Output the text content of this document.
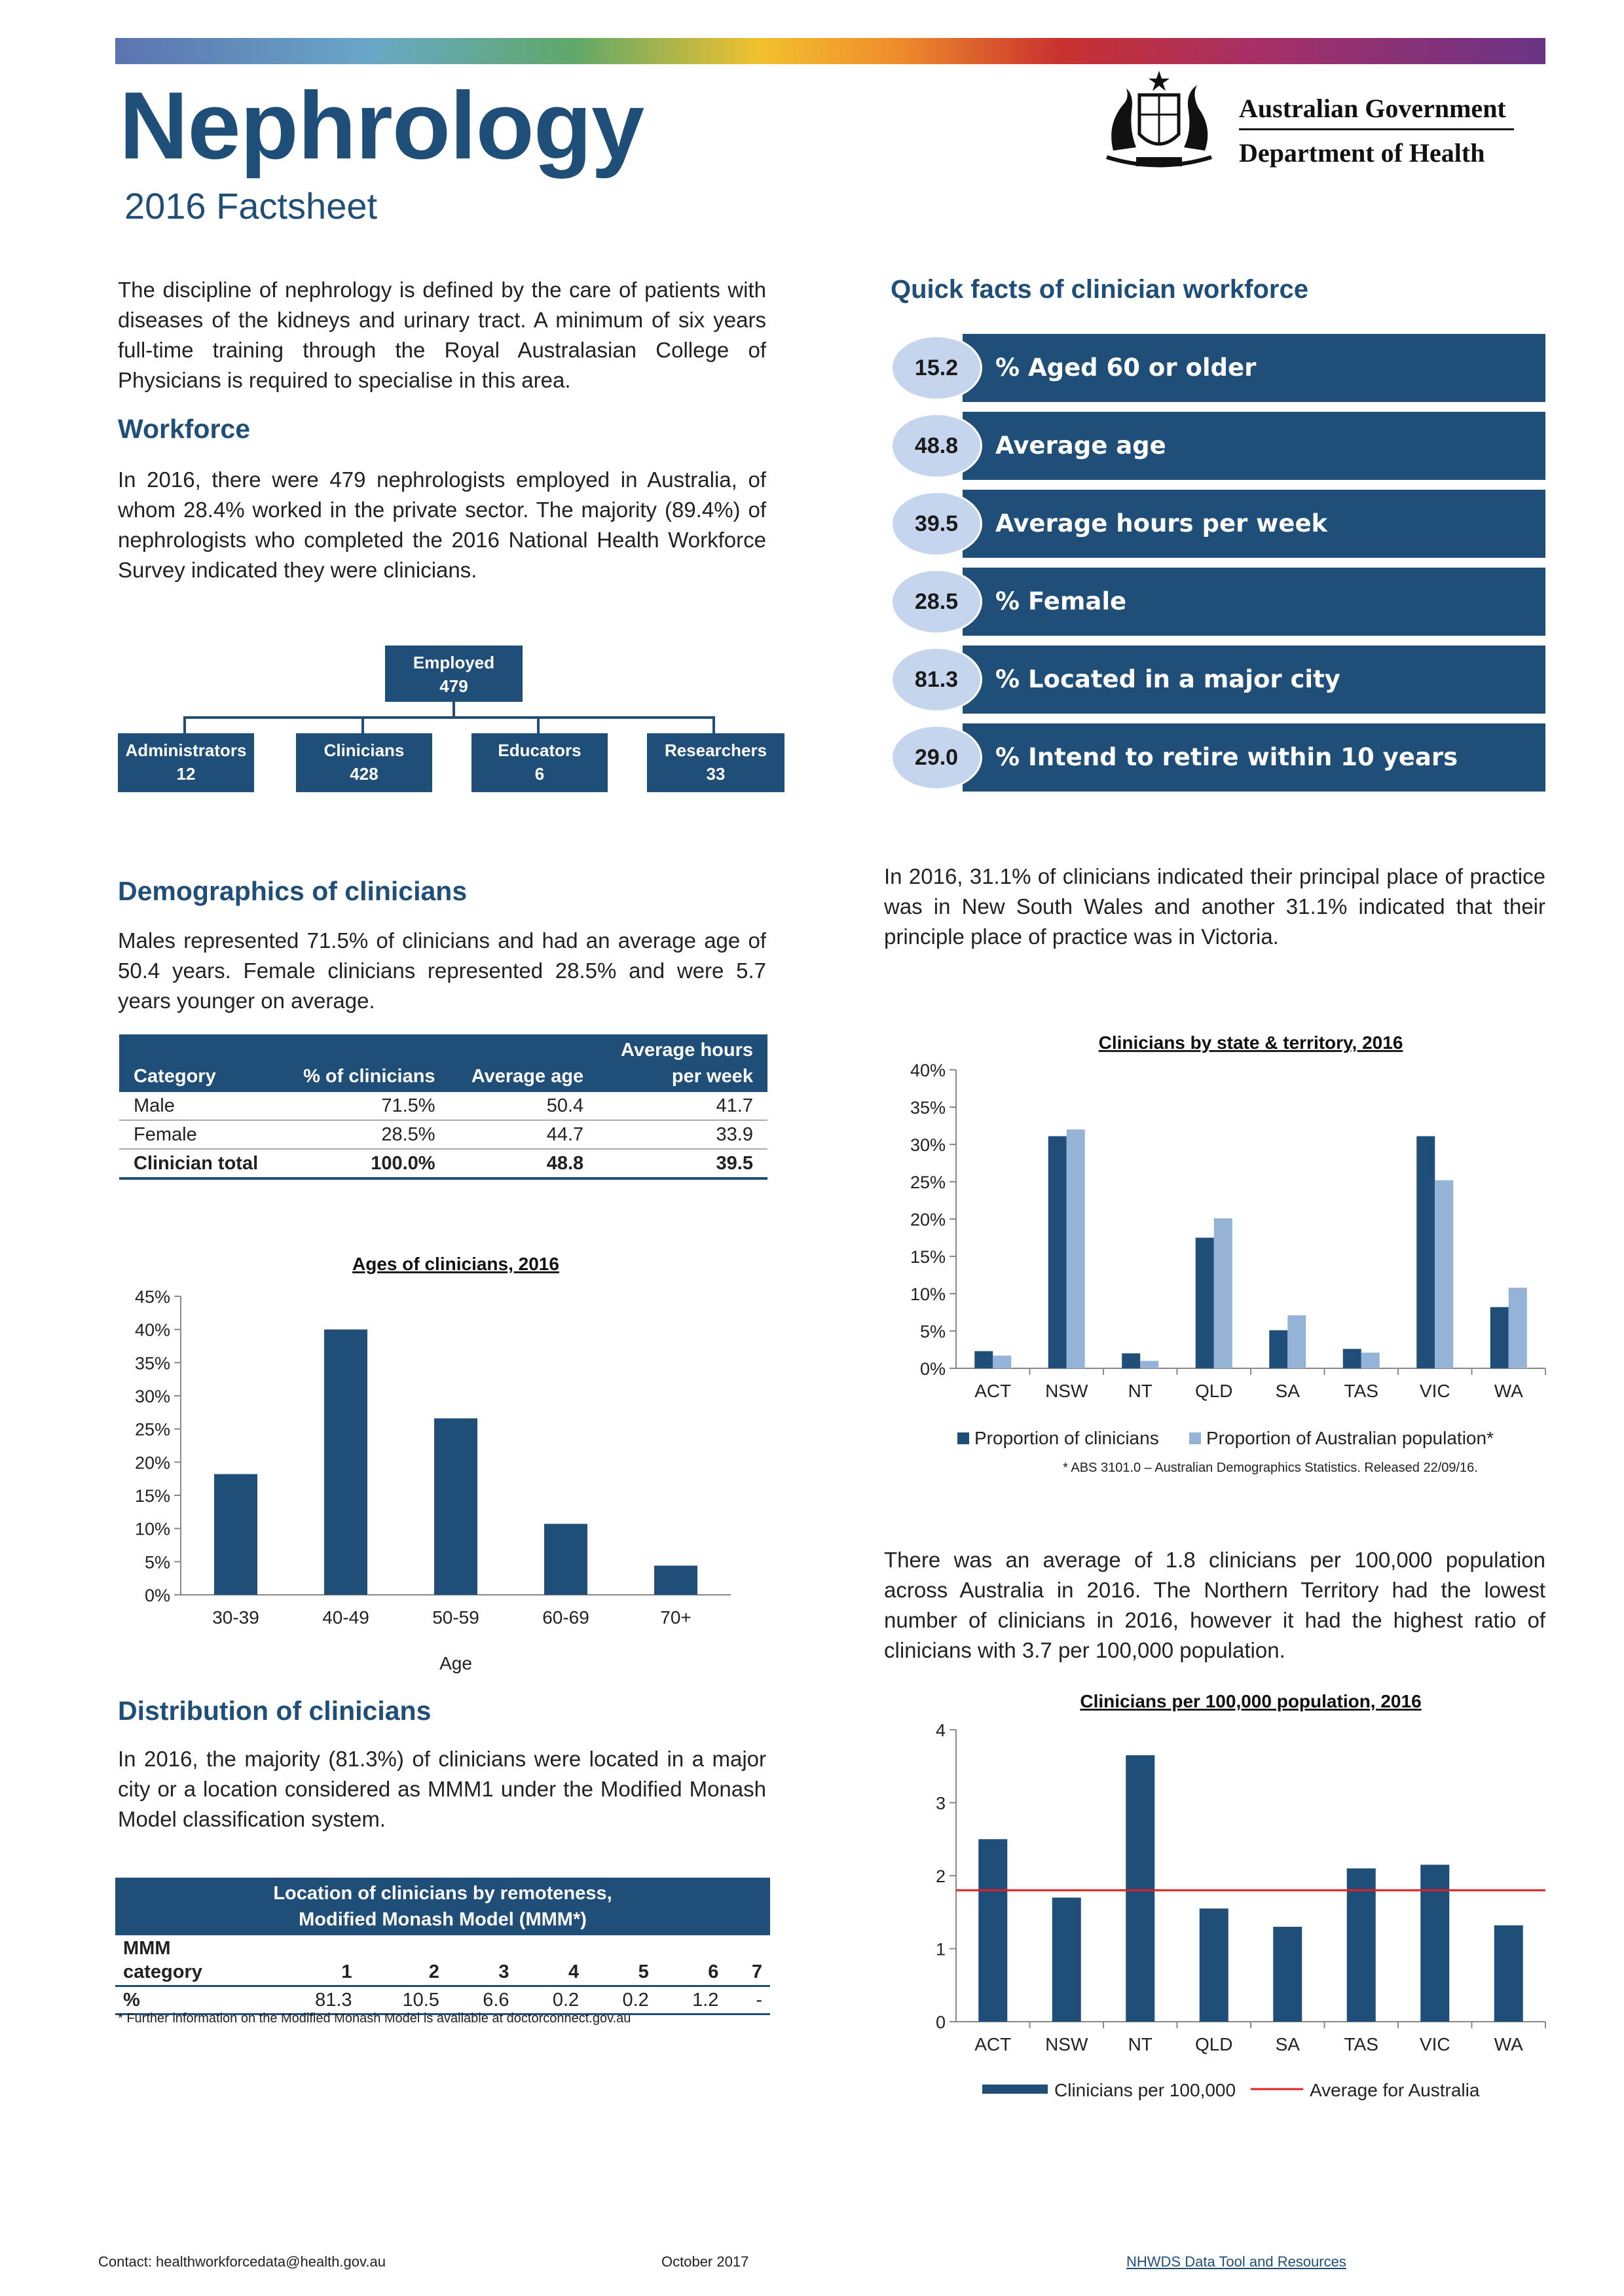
Nephrology
2016 Factsheet
Australian Government
Department of Health
The discipline of nephrology is defined by the care of patients with diseases of the kidneys and urinary tract. A minimum of six years full-time training through the Royal Australasian College of Physicians is required to specialise in this area.
Workforce
In 2016, there were 479 nephrologists employed in Australia, of whom 28.4% worked in the private sector. The majority (89.4%) of nephrologists who completed the 2016 National Health Workforce Survey indicated they were clinicians.
Employed
479
Administrators
12
Clinicians
428
Educators
6
Researchers
33
Quick facts of clinician workforce
15.2	% Aged 60 or older
48.8	Average age
39.5	Average hours per week
28.5	% Female
81.3	% Located in a major city
29.0	% Intend to retire within 10 years
Demographics of clinicians
Males represented 71.5% of clinicians and had an average age of 50.4 years. Female clinicians represented 28.5% and were 5.7 years younger on average.
Category	% of clinicians	Average age	Average hours
per week

Male	71.5%	50.4	41.7
Female	28.5%	44.7	33.9
Clinician total	100.0%	48.8	39.5
In 2016, 31.1% of clinicians indicated their principal place of practice was in New South Wales and another 31.1% indicated that their principle place of practice was in Victoria.
There was an average of 1.8 clinicians per 100,000 population across Australia in 2016. The Northern Territory had the lowest number of clinicians in 2016, however it had the highest ratio of clinicians with 3.7 per 100,000 population.
Ages of clinicians, 2016
0%
5%
10%
15%
20%
25%
30%
35%
40%
45%
30-39	40-49	50-59	60-69	70+
Age
Clinicians by state & territory, 2016
0%
5%
10%
15%
20%
25%
30%
35%
40%
ACT NSW NT QLD SA TAS VIC WA
Proportion of clinicians	Proportion of Australian population*
* ABS 3101.0 – Australian Demographics Statistics. Released 22/09/16.
Clinicians per 100,000 population, 2016
0
1
2
3
4
ACT NSW NT QLD SA TAS VIC WA
Clinicians per 100,000	Average for Australia
Distribution of clinicians
In 2016, the majority (81.3%) of clinicians were located in a major city or a location considered as MMM1 under the Modified Monash Model classification system.
Location of clinicians by remoteness,
Modified Monash Model (MMM*)							

MMM
category	1	2	3	4	5	6	7
%	81.3	10.5	6.6	0.2	0.2	1.2	-
* Further information on the Modified Monash Model is available at doctorconnect.gov.au
Contact: healthworkforcedata@health.gov.au	October 2017	NHWDS Data Tool and Resources
